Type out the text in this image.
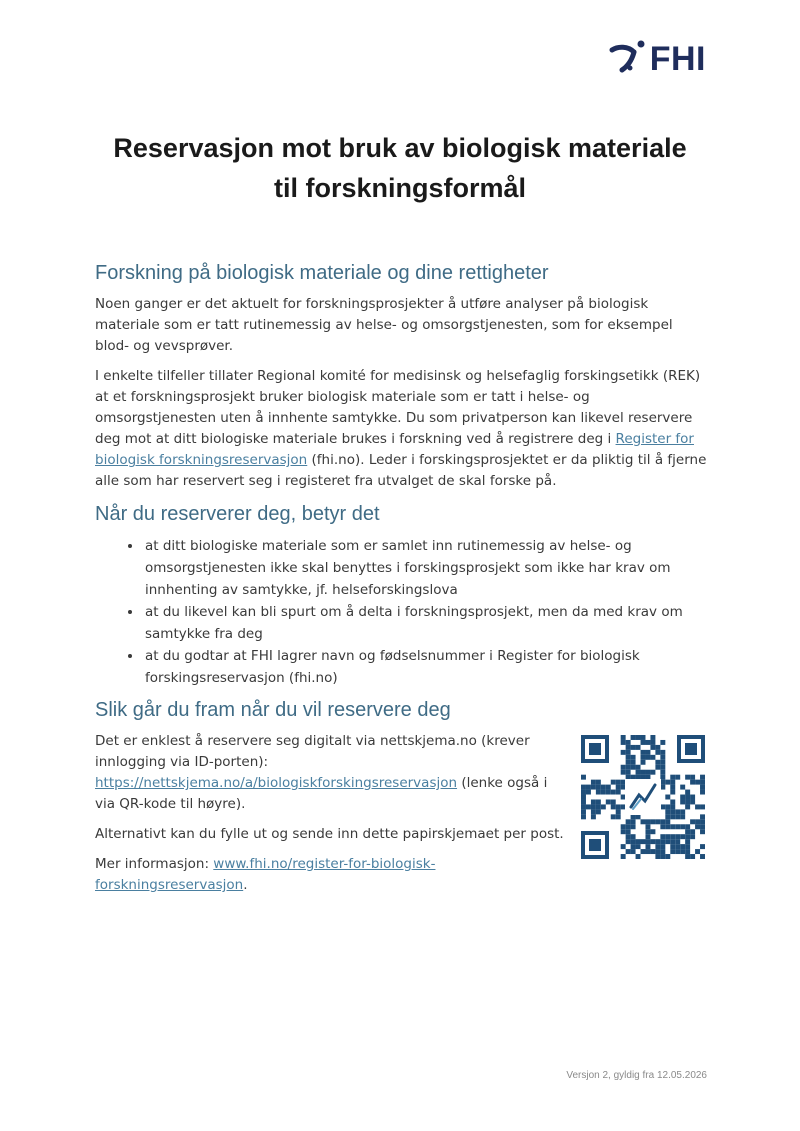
FHI
Reservasjon mot bruk av biologisk materiale
til forskningsformål
Forskning på biologisk materiale og dine rettigheter

Noen ganger er det aktuelt for forskningsprosjekter å utføre analyser på biologisk materiale som er tatt rutinemessig av helse- og omsorgstjenesten, som for eksempel blod- og vevsprøver.

I enkelte tilfeller tillater Regional komité for medisinsk og helsefaglig forskingsetikk (REK) at et forskningsprosjekt bruker biologisk materiale som er tatt i helse- og omsorgstjenesten uten å innhente samtykke. Du som privatperson kan likevel reservere deg mot at ditt biologiske materiale brukes i forskning ved å registrere deg i Register for biologisk forskningsreservasjon (fhi.no). Leder i forskingsprosjektet er da pliktig til å fjerne alle som har reservert seg i registeret fra utvalget de skal forske på.

Når du reserverer deg, betyr det
• at ditt biologiske materiale som er samlet inn rutinemessig av helse- og omsorgstjenesten ikke skal benyttes i forskingsprosjekt som ikke har krav om innhenting av samtykke, jf. helseforskingslova
• at du likevel kan bli spurt om å delta i forskningsprosjekt, men da med krav om samtykke fra deg
• at du godtar at FHI lagrer navn og fødselsnummer i Register for biologisk forskingsreservasjon (fhi.no)
Slik går du fram når du vil reservere deg

Det er enklest å reservere seg digitalt via nettskjema.no (krever innlogging via ID-porten): https://nettskjema.no/a/biologiskforskingsreservasjon (lenke også i via QR-kode til høyre).

Alternativt kan du fylle ut og sende inn dette papirskjemaet per post.

Mer informasjon: www.fhi.no/register-for-biologisk-forskningsreservasjon.

Versjon 2, gyldig fra 12.05.2026
